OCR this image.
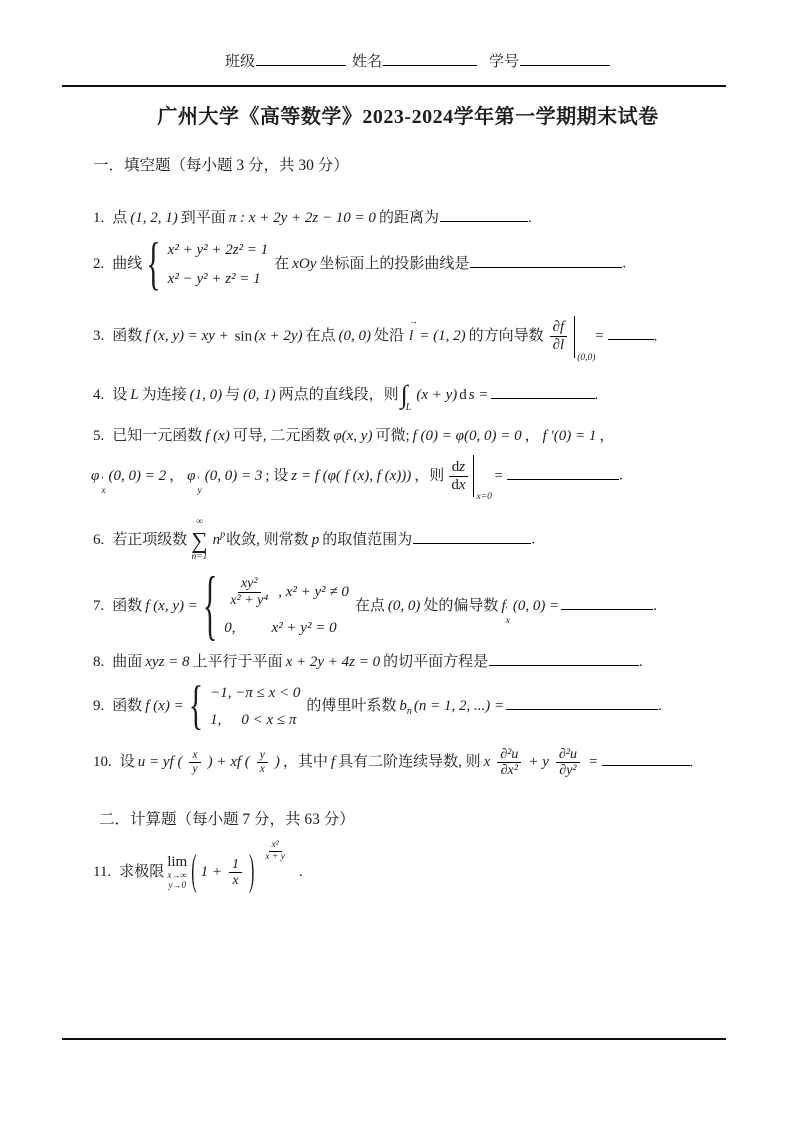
班级	姓名	学号
广州大学《高等数学》2023-2024学年第一学期期末试卷
一．填空题（每小题 3 分，共 30 分）
1. 点 (1, 2, 1) 到平面 π : x + 2y + 2z − 10 = 0 的距离为	.
2. 曲线 { x² + y² + 2z² = 1
x² − y² + z² = 1
在 xOy 坐标面上的投影曲线是	.
3. 函数 f (x, y) = xy + sin (x + 2y) 在点 (0, 0) 处沿
→
l = (1, 2) 的方向导数 $\frac{\partial f}{\partial l}$
(0,0)
=	.
4. 设 L 为连接 (1, 0) 与 (0, 1) 两点的直线段，则$\int_L(x + y)$ d s =	.
5. 已知一元函数 f (x) 可导, 二元函数 φ(x, y) 可微; f (0) = φ(0, 0) = 0 ， f ′(0) = 1 ，
φ ′
x
(0, 0) = 2 ， φ ′
y
(0, 0) = 3 ; 设 z = f (φ( f (x), f (x))) ，则 $\frac{dz}{dx}$
x=0
=	.
6. 若正项级数
∞
∑
n=1
$n^p$收敛, 则常数 p 的取值范围为	.
7. 函数 f (x, y) = { $\frac{\text{xy²}}{\text{x² + y⁴}}$ , x² + y² ≠ 0
0, x² + y² = 0
在点 (0, 0) 处的偏导数 f ′
x
(0, 0) =	.
8. 曲面 xyz = 8 上平行于平面 x + 2y + 4z = 0 的切平面方程是	.
9. 函数 f (x) = { −1, −π ≤ x < 0
1, 0 < x ≤ π
的傅里叶系数 $b_n$ (n = 1, 2, ...) =	.
10. 设 u = yf ( $\frac{x}{y}$ ) + xf ( $\frac{y}{x}$ ) ，其中 f 具有二阶连续导数, 则 x $\frac{\text{∂²u}}{\text{∂x²}} + y \frac{\text{∂²u}}{\text{∂y²}}$ =	.
二．计算题（每小题 7 分，共 63 分）
11. 求极限
lim
x→∞
y→0 ( $1 + \frac{1}{x}$ ) $\frac{\text{x²}}{x + y}$
.
